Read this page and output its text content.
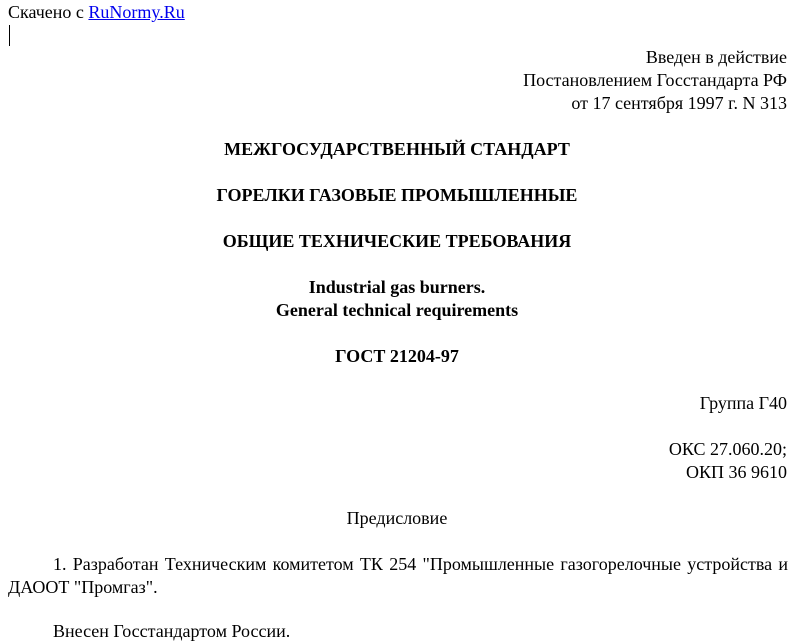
Скачено с RuNormy.Ru
Введен в действие
Постановлением Госстандарта РФ
от 17 сентября 1997 г. N 313
МЕЖГОСУДАРСТВЕННЫЙ СТАНДАРТ
ГОРЕЛКИ ГАЗОВЫЕ ПРОМЫШЛЕННЫЕ
ОБЩИЕ ТЕХНИЧЕСКИЕ ТРЕБОВАНИЯ
Industrial gas burners.
General technical requirements
ГОСТ 21204-97
Группа Г40
ОКС 27.060.20;
ОКП 36 9610
Предисловие
1. Разработан Техническим комитетом ТК 254 "Промышленные газогорелочные устройства и ДАООТ "Промгаз".
Внесен Госстандартом России.
